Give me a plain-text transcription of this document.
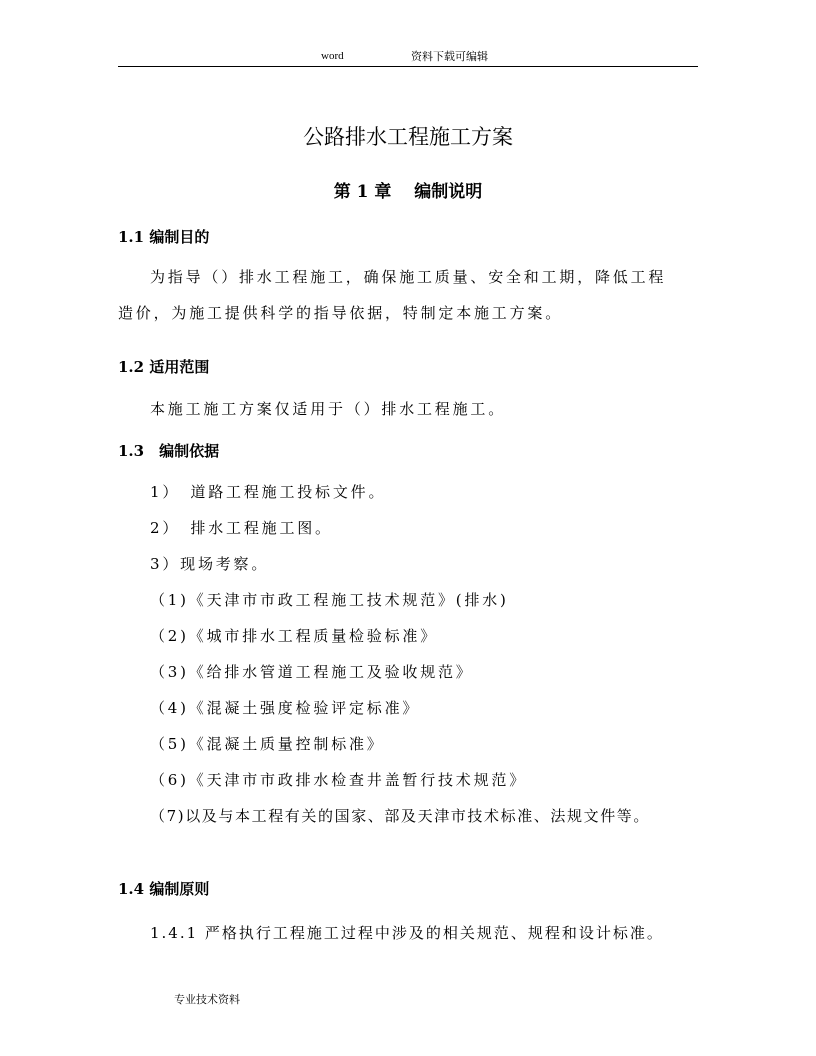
word	资料下载可编辑
公路排水工程施工方案
第 1 章　 编制说明
1.1 编制目的
为指导（）排水工程施工，确保施工质量、安全和工期，降低工程
造价，为施工提供科学的指导依据，特制定本施工方案。
1.2 适用范围
本施工施工方案仅适用于（）排水工程施工。
1.3　编制依据
1）　道路工程施工投标文件。
2）　排水工程施工图。
3）现场考察。
（1)《天津市市政工程施工技术规范》(排水)
（2)《城市排水工程质量检验标准》
（3)《给排水管道工程施工及验收规范》
（4)《混凝土强度检验评定标准》
（5)《混凝土质量控制标准》
（6)《天津市市政排水检查井盖暂行技术规范》
（7)以及与本工程有关的国家、部及天津市技术标准、法规文件等。
1.4 编制原则
1.4.1 严格执行工程施工过程中涉及的相关规范、规程和设计标准。
专业技术资料
